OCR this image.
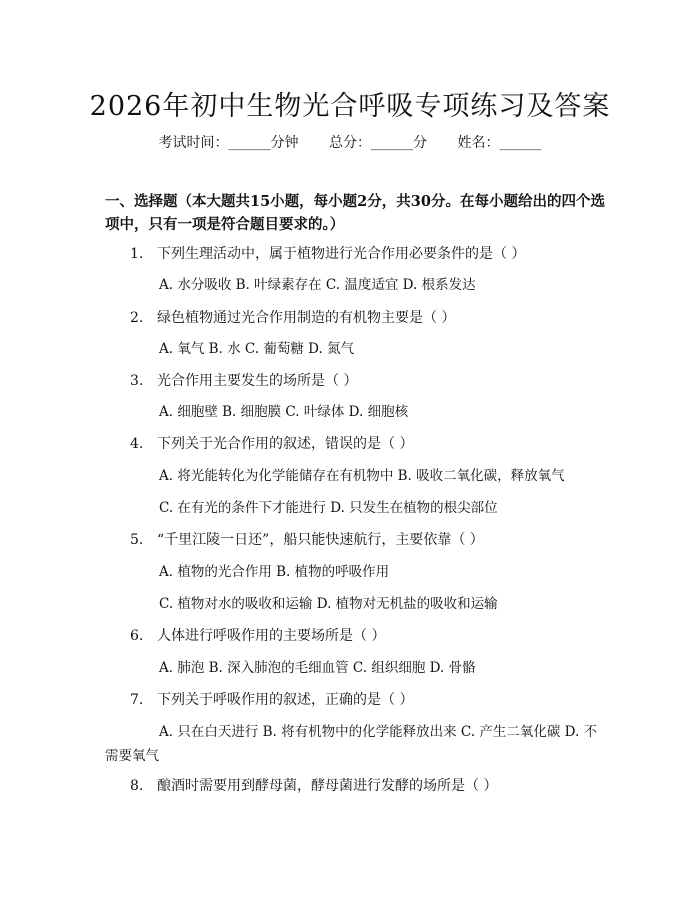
2026年初中生物光合呼吸专项练习及答案
考试时间：______分钟 总分：______分 姓名：______
一、选择题（本大题共15小题，每小题2分，共30分。在每小题给出的四个选项中，只有一项是符合题目要求的。）
1. 下列生理活动中，属于植物进行光合作用必要条件的是（ ）
A. 水分吸收 B. 叶绿素存在 C. 温度适宜 D. 根系发达
2. 绿色植物通过光合作用制造的有机物主要是（ ）
A. 氧气 B. 水 C. 葡萄糖 D. 氮气
3. 光合作用主要发生的场所是（ ）
A. 细胞壁 B. 细胞膜 C. 叶绿体 D. 细胞核
4. 下列关于光合作用的叙述，错误的是（ ）
A. 将光能转化为化学能储存在有机物中 B. 吸收二氧化碳，释放氧气
C. 在有光的条件下才能进行 D. 只发生在植物的根尖部位
5. “千里江陵一日还”，船只能快速航行，主要依靠（ ）
A. 植物的光合作用 B. 植物的呼吸作用
C. 植物对水的吸收和运输 D. 植物对无机盐的吸收和运输
6. 人体进行呼吸作用的主要场所是（ ）
A. 肺泡 B. 深入肺泡的毛细血管 C. 组织细胞 D. 骨骼
7. 下列关于呼吸作用的叙述，正确的是（ ）
A. 只在白天进行 B. 将有机物中的化学能释放出来 C. 产生二氧化碳 D. 不需要氧气
8. 酿酒时需要用到酵母菌，酵母菌进行发酵的场所是（ ）
